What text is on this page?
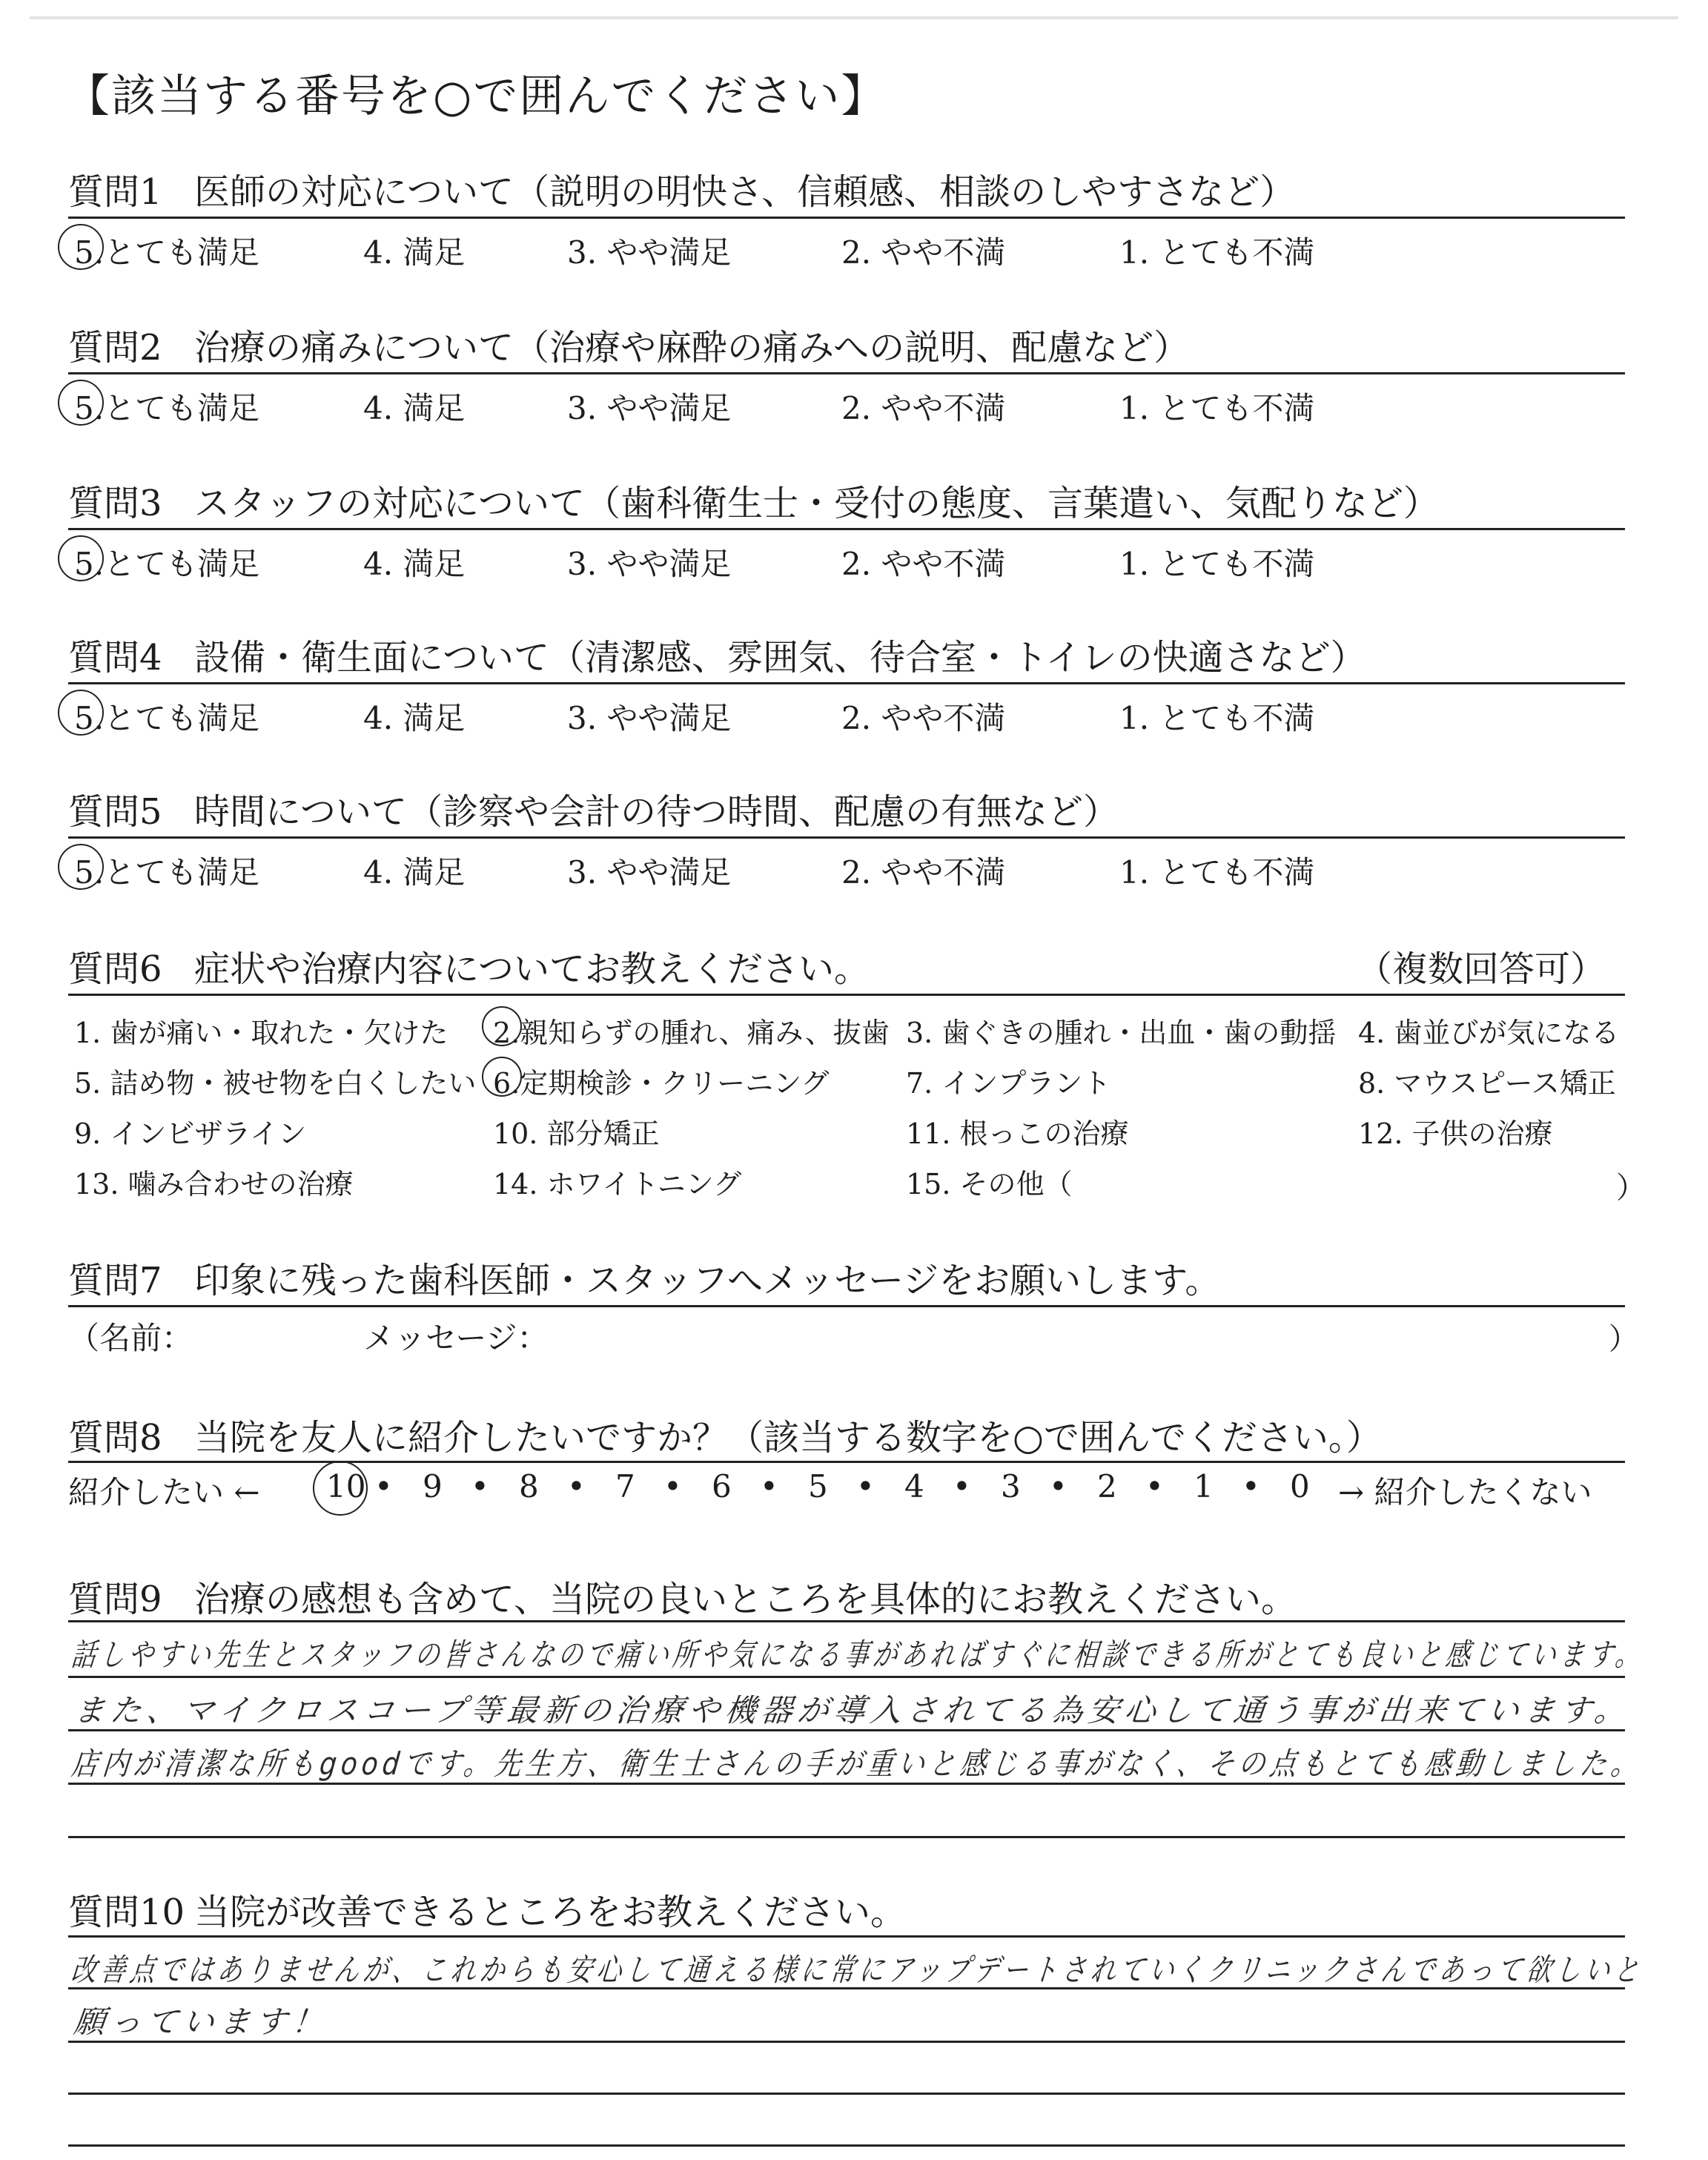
【該当する番号を○で囲んでください】
質問1 医師の対応について（説明の明快さ、信頼感、相談のしやすさなど）
5.とても満足	4. 満足	3. やや満足	2. やや不満	1. とても不満
質問2 治療の痛みについて（治療や麻酔の痛みへの説明、配慮など）
5.とても満足	4. 満足	3. やや満足	2. やや不満	1. とても不満
質問3 スタッフの対応について（歯科衛生士・受付の態度、言葉遣い、気配りなど）
5.とても満足	4. 満足	3. やや満足	2. やや不満	1. とても不満
質問4 設備・衛生面について（清潔感、雰囲気、待合室・トイレの快適さなど）
5.とても満足	4. 満足	3. やや満足	2. やや不満	1. とても不満
質問5 時間について（診察や会計の待つ時間、配慮の有無など）
5.とても満足	4. 満足	3. やや満足	2. やや不満	1. とても不満
質問6 症状や治療内容についてお教えください。	（複数回答可）
1. 歯が痛い・取れた・欠けた 2.親知らずの腫れ、痛み、抜歯 3. 歯ぐきの腫れ・出血・歯の動揺 4. 歯並びが気になる
5. 詰め物・被せ物を白くしたい 6.定期検診・クリーニング	7. インプラント	8. マウスピース矯正
9. インビザライン	10. 部分矯正	11. 根っこの治療	12. 子供の治療
13. 噛み合わせの治療	14. ホワイトニング	15. その他（	）
質問7 印象に残った歯科医師・スタッフへメッセージをお願いします。
（名前：	メッセージ：	）
質問8 当院を友人に紹介したいですか？（該当する数字を○で囲んでください。）
紹介したい ←	→ 紹介したくない
10 • 9 • 8 • 7 • 6 • 5 • 4 • 3 • 2 • 1 • 0
質問9 治療の感想も含めて、当院の良いところを具体的にお教えください。
話しやすい先生とスタッフの皆さんなので痛い所や気になる事があればすぐに相談できる所がとても良いと感じています。
また、マイクロスコープ等最新の治療や機器が導入されてる為安心して通う事が出来ています。
店内が清潔な所もgoodです。先生方、衛生士さんの手が重いと感じる事がなく、その点もとても感動しました。
質問10 当院が改善できるところをお教えください。
改善点ではありませんが、これからも安心して通える様に常にアップデートされていくクリニックさんであって欲しいと
願っています！
